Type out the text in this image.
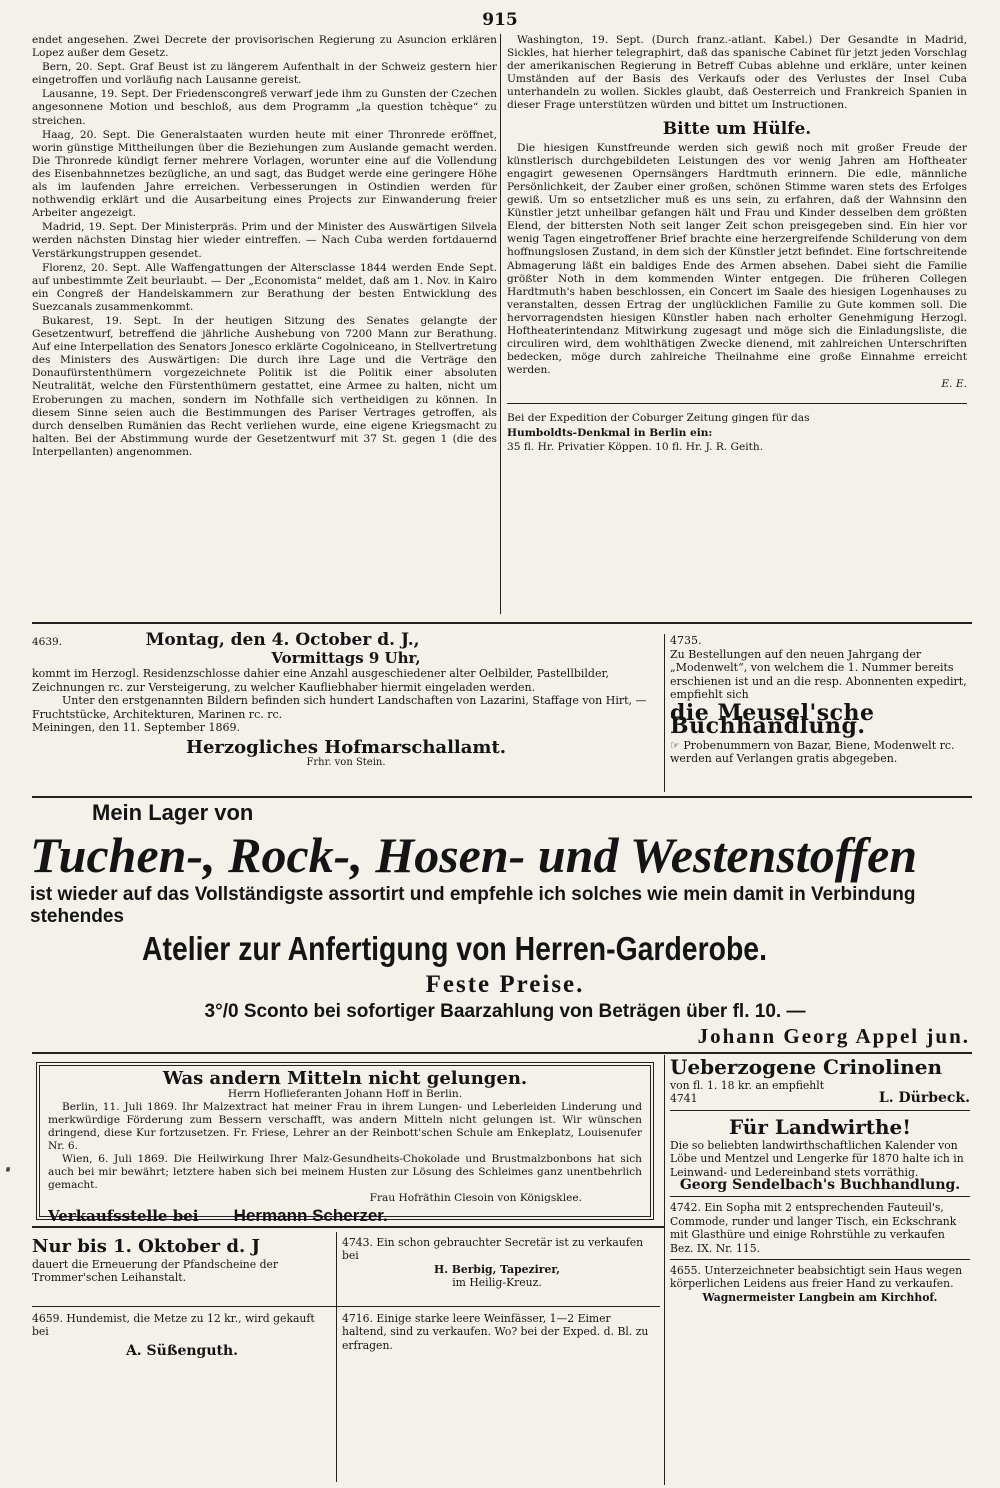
915

endet angesehen. Zwei Decrete der provisorischen Regierung zu Asuncion erklären Lopez außer dem Gesetz.

Bern, 20. Sept. Graf Beust ist zu längerem Aufenthalt in der Schweiz gestern hier eingetroffen und vorläufig nach Lausanne gereist.

Lausanne, 19. Sept. Der Friedenscongreß verwarf jede ihm zu Gunsten der Czechen angesonnene Motion und beschloß, aus dem Programm „la question tchèque“ zu streichen.

Haag, 20. Sept. Die Generalstaaten wurden heute mit einer Thronrede eröffnet, worin günstige Mittheilungen über die Beziehungen zum Auslande gemacht werden. Die Thronrede kündigt ferner mehrere Vorlagen, worunter eine auf die Vollendung des Eisenbahnnetzes bezügliche, an und sagt, das Budget werde eine geringere Höhe als im laufenden Jahre erreichen. Verbesserungen in Ostindien werden für nothwendig erklärt und die Ausarbeitung eines Projects zur Einwanderung freier Arbeiter angezeigt.

Madrid, 19. Sept. Der Ministerpräs. Prim und der Minister des Auswärtigen Silvela werden nächsten Dinstag hier wieder eintreffen. — Nach Cuba werden fortdauernd Verstärkungstruppen gesendet.

Florenz, 20. Sept. Alle Waffengattungen der Altersclasse 1844 werden Ende Sept. auf unbestimmte Zeit beurlaubt. — Der „Economista“ meldet, daß am 1. Nov. in Kairo ein Congreß der Handelskammern zur Berathung der besten Entwicklung des Suezcanals zusammenkommt.

Bukarest, 19. Sept. In der heutigen Sitzung des Senates gelangte der Gesetzentwurf, betreffend die jährliche Aushebung von 7200 Mann zur Berathung. Auf eine Interpellation des Senators Jonesco erklärte Cogolniceano, in Stellvertretung des Ministers des Auswärtigen: Die durch ihre Lage und die Verträge den Donaufürstenthümern vorgezeichnete Politik ist die Politik einer absoluten Neutralität, welche den Fürstenthümern gestattet, eine Armee zu halten, nicht um Eroberungen zu machen, sondern im Nothfalle sich vertheidigen zu können. In diesem Sinne seien auch die Bestimmungen des Pariser Vertrages getroffen, als durch denselben Rumänien das Recht verliehen wurde, eine eigene Kriegsmacht zu halten. Bei der Abstimmung wurde der Gesetzentwurf mit 37 St. gegen 1 (die des Interpellanten) angenommen.

Washington, 19. Sept. (Durch franz.-atlant. Kabel.) Der Gesandte in Madrid, Sickles, hat hierher telegraphirt, daß das spanische Cabinet für jetzt jeden Vorschlag der amerikanischen Regierung in Betreff Cubas ablehne und erkläre, unter keinen Umständen auf der Basis des Verkaufs oder des Verlustes der Insel Cuba unterhandeln zu wollen. Sickles glaubt, daß Oesterreich und Frankreich Spanien in dieser Frage unterstützen würden und bittet um Instructionen.

Bitte um Hülfe.

Die hiesigen Kunstfreunde werden sich gewiß noch mit großer Freude der künstlerisch durchgebildeten Leistungen des vor wenig Jahren am Hoftheater engagirt gewesenen Opernsängers Hardtmuth erinnern. Die edle, männliche Persönlichkeit, der Zauber einer großen, schönen Stimme waren stets des Erfolges gewiß. Um so entsetzlicher muß es uns sein, zu erfahren, daß der Wahnsinn den Künstler jetzt unheilbar gefangen hält und Frau und Kinder desselben dem größten Elend, der bittersten Noth seit langer Zeit schon preisgegeben sind. Ein hier vor wenig Tagen eingetroffener Brief brachte eine herzergreifende Schilderung von dem hoffnungslosen Zustand, in dem sich der Künstler jetzt befindet. Eine fortschreitende Abmagerung läßt ein baldiges Ende des Armen absehen. Dabei sieht die Familie größter Noth in dem kommenden Winter entgegen. Die früheren Collegen Hardtmuth's haben beschlossen, ein Concert im Saale des hiesigen Logenhauses zu veranstalten, dessen Ertrag der unglücklichen Familie zu Gute kommen soll. Die hervorragendsten hiesigen Künstler haben nach erholter Genehmigung Herzogl. Hoftheaterintendanz Mitwirkung zugesagt und möge sich die Einladungsliste, die circuliren wird, dem wohlthätigen Zwecke dienend, mit zahlreichen Unterschriften bedecken, möge durch zahlreiche Theilnahme eine große Einnahme erreicht werden.

E. E.

Bei der Expedition der Coburger Zeitung gingen für das

Humboldts-Denkmal in Berlin ein:

35 fl. Hr. Privatier Köppen. 10 fl. Hr. J. R. Geith.

4639.	Montag, den 4. October d. J.,
Vormittags 9 Uhr,
kommt im Herzogl. Residenzschlosse dahier eine Anzahl ausgeschiedener alter Oelbilder, Pastellbilder, Zeichnungen rc. zur Versteigerung, zu welcher Kaufliebhaber hiermit eingeladen werden.
Unter den erstgenannten Bildern befinden sich hundert Landschaften von Lazarini, Staffage von Hirt, — Fruchtstücke, Architekturen, Marinen rc. rc.
Meiningen, den 11. September 1869.
Herzogliches Hofmarschallamt.
Frhr. von Stein.
4735.
Zu Bestellungen auf den neuen Jahrgang der „Modenwelt“, von welchem die 1. Nummer bereits erschienen ist und an die resp. Abonnenten expedirt, empfiehlt sich
die Meusel'sche Buchhandlung.
☞ Probenummern von Bazar, Biene, Modenwelt rc. werden auf Verlangen gratis abgegeben.
Mein Lager von
Tuchen-, Rock-, Hosen- und Westenstoffen
ist wieder auf das Vollständigste assortirt und empfehle ich solches wie mein damit in Verbindung stehendes
Atelier zur Anfertigung von Herren-Garderobe.
Feste Preise.
3°/0 Sconto bei sofortiger Baarzahlung von Beträgen über fl. 10. —
Johann Georg Appel jun.
Was andern Mitteln nicht gelungen.
Herrn Hoflieferanten Johann Hoff in Berlin.

Berlin, 11. Juli 1869. Ihr Malzextract hat meiner Frau in ihrem Lungen- und Leberleiden Linderung und merkwürdige Förderung zum Bessern verschafft, was andern Mitteln nicht gelungen ist. Wir wünschen dringend, diese Kur fortzusetzen. Fr. Friese, Lehrer an der Reinbott'schen Schule am Enkeplatz, Louisenufer Nr. 6.

Wien, 6. Juli 1869. Die Heilwirkung Ihrer Malz-Gesundheits-Chokolade und Brustmalzbonbons hat sich auch bei mir bewährt; letztere haben sich bei meinem Husten zur Lösung des Schleimes ganz unentbehrlich gemacht.

Frau Hofräthin Clesoin von Königsklee.
Verkaufsstelle bei Hermann Scherzer.
Ueberzogene Crinolinen
von fl. 1. 18 kr. an empfiehlt
4741	L. Dürbeck.
Für Landwirthe!
Die so beliebten landwirthschaftlichen Kalender von Löbe und Mentzel und Lengerke für 1870 halte ich in Leinwand- und Ledereinband stets vorräthig.
Georg Sendelbach's Buchhandlung.
4742. Ein Sopha mit 2 entsprechenden Fauteuil's, Commode, runder und langer Tisch, ein Eckschrank mit Glasthüre und einige Rohrstühle zu verkaufen Bez. IX. Nr. 115.
4655. Unterzeichneter beabsichtigt sein Haus wegen körperlichen Leidens aus freier Hand zu verkaufen.
Wagnermeister Langbein am Kirchhof.
Nur bis 1. Oktober d. J
dauert die Erneuerung der Pfandscheine der Trommer'schen Leihanstalt.
4743. Ein schon gebrauchter Secretär ist zu verkaufen bei
H. Berbig, Tapezirer,
im Heilig-Kreuz.
4659. Hundemist, die Metze zu 12 kr., wird gekauft bei
A. Süßenguth.
4716. Einige starke leere Weinfässer, 1—2 Eimer haltend, sind zu verkaufen. Wo? bei der Exped. d. Bl. zu erfragen.
·
